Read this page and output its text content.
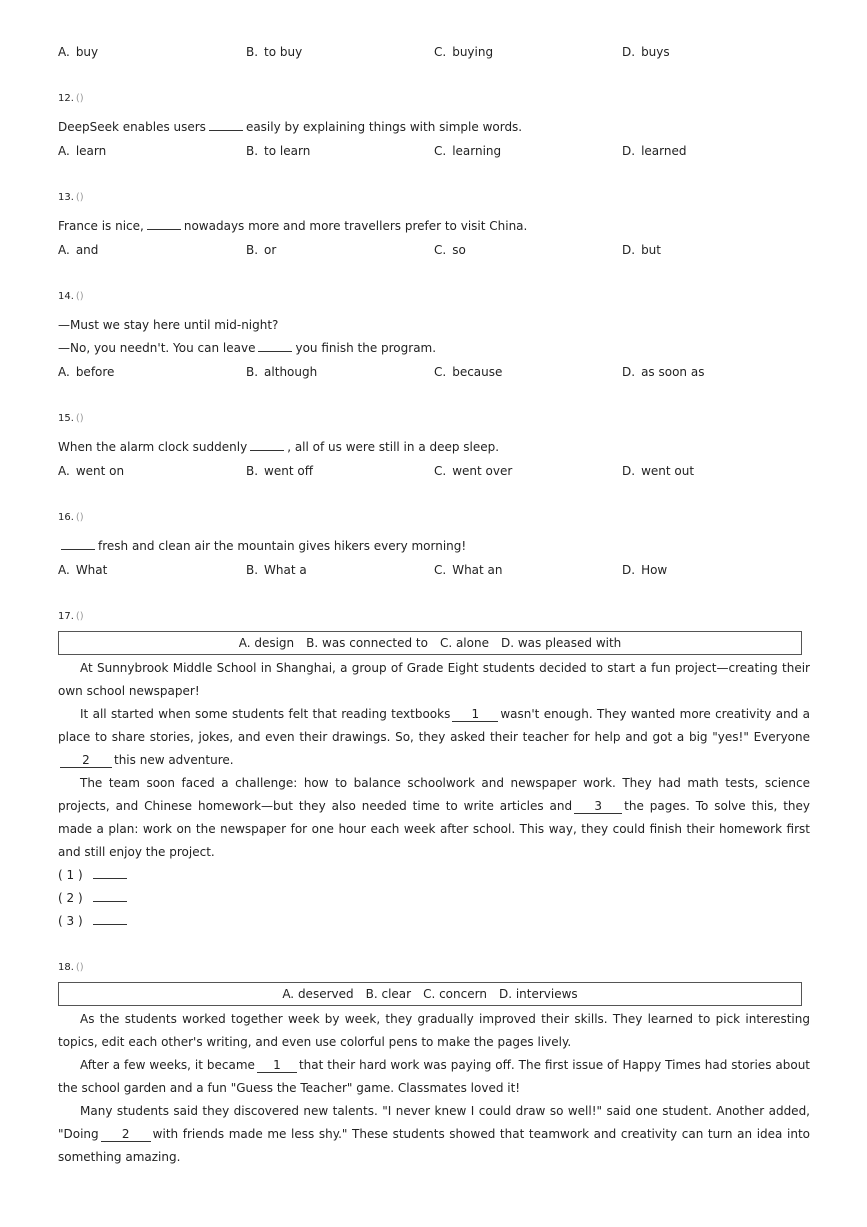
A. buy	B. to buy	C. buying	D. buys
12. ()
DeepSeek enables users	easily by explaining things with simple words.
A. learn	B. to learn	C. learning	D. learned
13. ()
France is nice,	nowadays more and more travellers prefer to visit China.
A. and	B. or	C. so	D. but
14. ()
—Must we stay here until mid-night?
—No, you needn't. You can leave	you finish the program.
A. before	B. although	C. because	D. as soon as
15. ()
When the alarm clock suddenly	, all of us were still in a deep sleep.
A. went on	B. went off	C. went over	D. went out
16. ()
fresh and clean air the mountain gives hikers every morning!
A. What	B. What a	C. What an	D. How
17. ()
A. design B. was connected to C. alone D. was pleased with
At Sunnybrook Middle School in Shanghai, a group of Grade Eight students decided to start a fun project—creating their own school newspaper!
It all started when some students felt that reading textbooks 1 wasn't enough. They wanted more creativity and a place to share stories, jokes, and even their drawings. So, they asked their teacher for help and got a big "yes!" Everyone2 this new adventure.
The team soon faced a challenge: how to balance schoolwork and newspaper work. They had math tests, science projects, and Chinese homework—but they also needed time to write articles and 3 the pages. To solve this, they made a plan: work on the newspaper for one hour each week after school. This way, they could finish their homework first and still enjoy the project.
( 1 )
( 2 )
( 3 )
18. ()
A. deserved B. clear C. concern D. interviews
As the students worked together week by week, they gradually improved their skills. They learned to pick interesting topics, edit each other's writing, and even use colorful pens to make the pages lively.
After a few weeks, it became 1 that their hard work was paying off. The first issue of Happy Times had stories about the school garden and a fun "Guess the Teacher" game. Classmates loved it!
Many students said they discovered new talents. "I never knew I could draw so well!" said one student. Another added, "Doing 2 with friends made me less shy." These students showed that teamwork and creativity can turn an idea into something amazing.
